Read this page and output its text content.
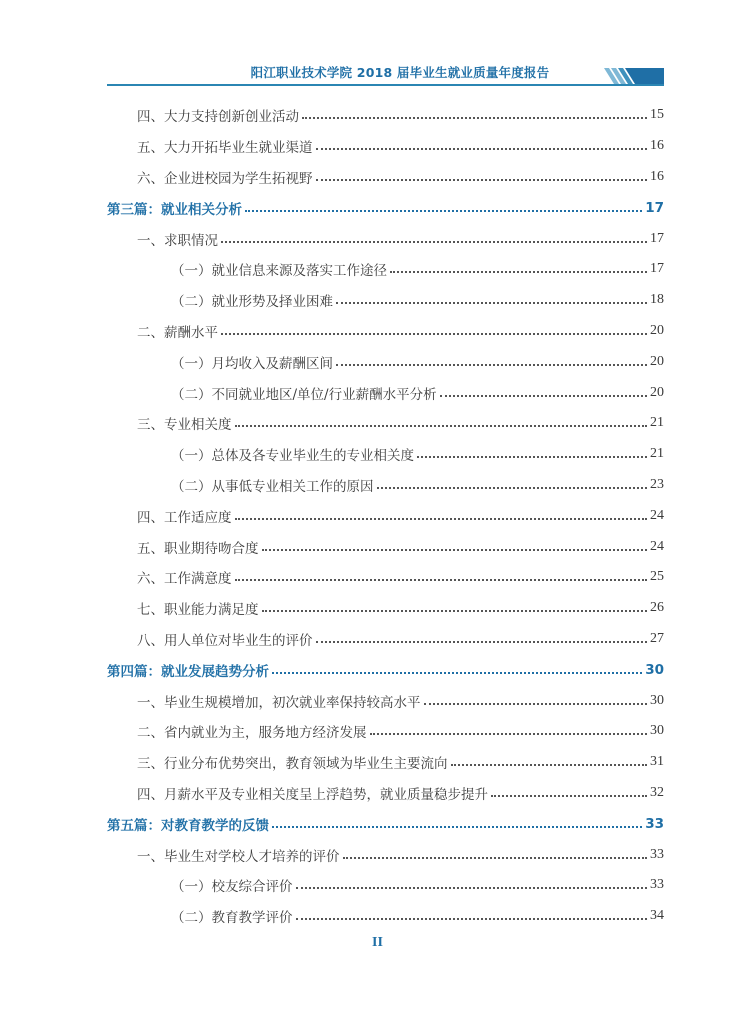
阳江职业技术学院 2018 届毕业生就业质量年度报告
四、大力支持创新创业活动	15
五、大力开拓毕业生就业渠道	16
六、企业进校园为学生拓视野	16
第三篇：就业相关分析	17
一、求职情况	17
（一）就业信息来源及落实工作途径	17
（二）就业形势及择业困难	18
二、薪酬水平	20
（一）月均收入及薪酬区间	20
（二）不同就业地区/单位/行业薪酬水平分析	20
三、专业相关度	21
（一）总体及各专业毕业生的专业相关度	21
（二）从事低专业相关工作的原因	23
四、工作适应度	24
五、职业期待吻合度	24
六、工作满意度	25
七、职业能力满足度	26
八、用人单位对毕业生的评价	27
第四篇：就业发展趋势分析	30
一、毕业生规模增加，初次就业率保持较高水平	30
二、省内就业为主，服务地方经济发展	30
三、行业分布优势突出，教育领域为毕业生主要流向	31
四、月薪水平及专业相关度呈上浮趋势，就业质量稳步提升	32
第五篇：对教育教学的反馈	33
一、毕业生对学校人才培养的评价	33
（一）校友综合评价	33
（二）教育教学评价	34
II
